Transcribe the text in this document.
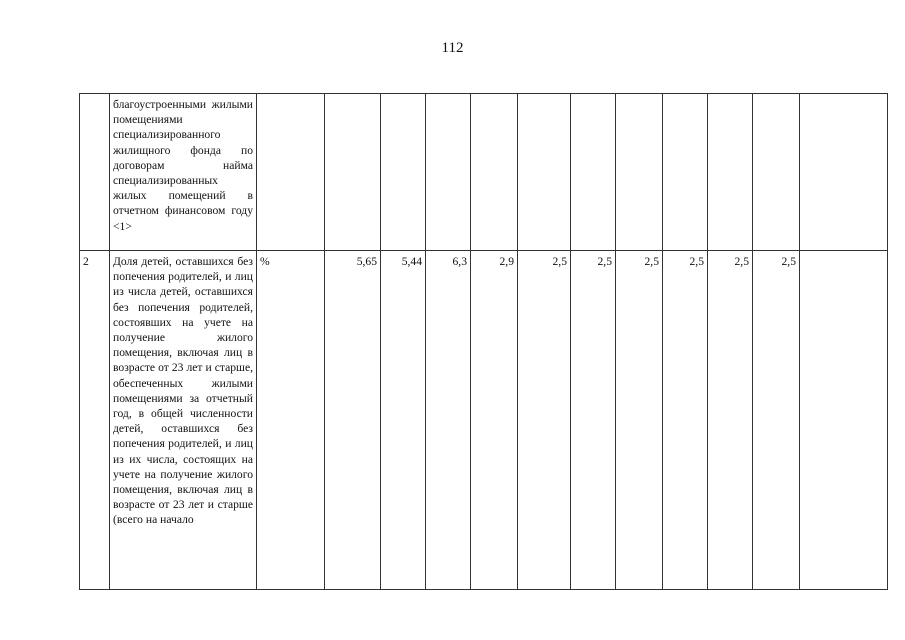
112
	благоустроенными жилыми помещениями специализированного жилищного фонда по договорам найма специализированных жилых помещений в отчетном финансовом году <1>												
2	Доля детей, оставшихся без попечения родителей, и лиц из числа детей, оставшихся без попечения родителей, состоявших на учете на получение жилого помещения, включая лиц в возрасте от 23 лет и старше, обеспеченных жилыми помещениями за отчетный год, в общей численности детей, оставшихся без попечения родителей, и лиц из их числа, состоящих на учете на получение жилого помещения, включая лиц в возрасте от 23 лет и старше (всего на начало	%	5,65	5,44	6,3	2,9	2,5	2,5	2,5	2,5	2,5	2,5	
